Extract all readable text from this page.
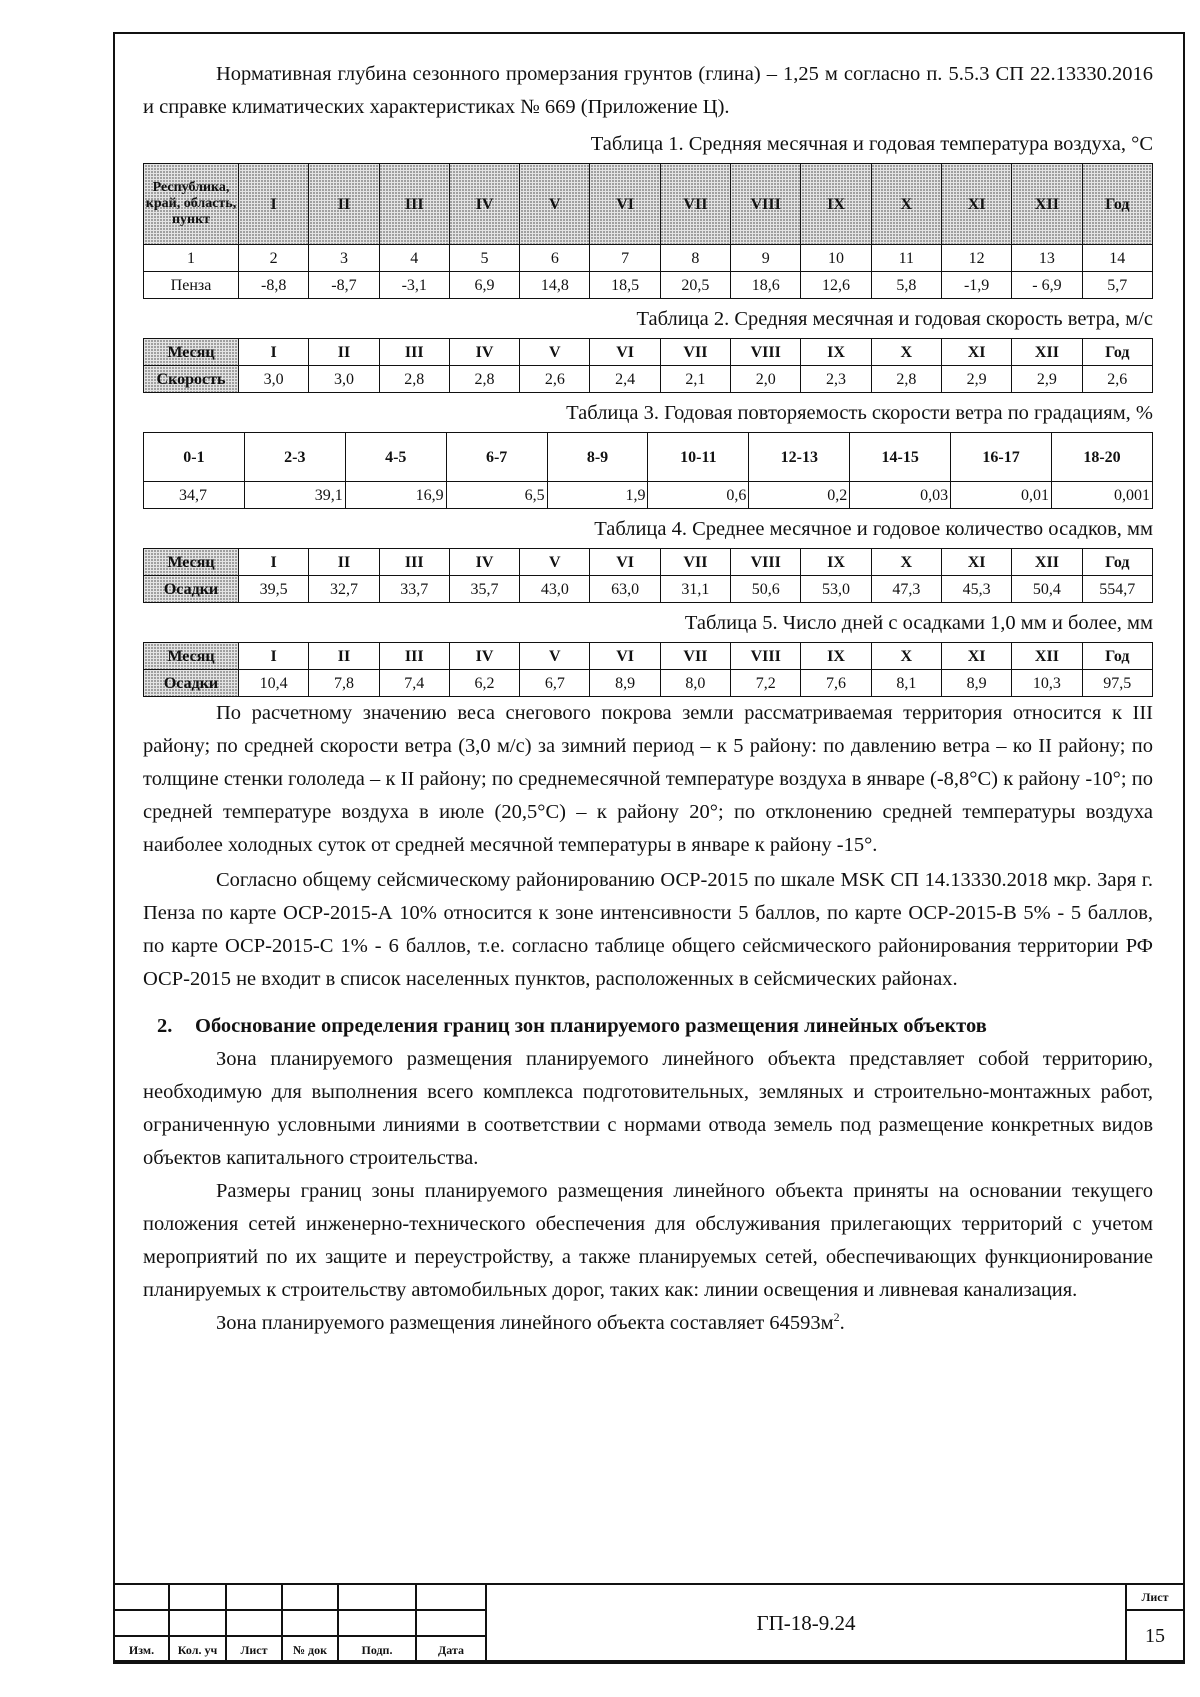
Нормативная глубина сезонного промерзания грунтов (глина) – 1,25 м согласно п. 5.5.3 СП 22.13330.2016 и справке климатических характеристиках № 669 (Приложение Ц).

Таблица 1. Средняя месячная и годовая температура воздуха, °С
Республика, край, область, пункт	I	II	III	IV	V	VI	VII	VIII	IX	X	XI	XII	Год
1	2	3	4	5	6	7	8	9	10	11	12	13	14
Пенза	-8,8	-8,7	-3,1	6,9	14,8	18,5	20,5	18,6	12,6	5,8	-1,9	- 6,9	5,7
Таблица 2. Средняя месячная и годовая скорость ветра, м/с
Месяц	I	II	III	IV	V	VI	VII	VIII	IX	X	XI	XII	Год
Скорость	3,0	3,0	2,8	2,8	2,6	2,4	2,1	2,0	2,3	2,8	2,9	2,9	2,6
Таблица 3. Годовая повторяемость скорости ветра по градациям, %
0-1	2-3	4-5	6-7	8-9	10-11	12-13	14-15	16-17	18-20
34,7	39,1	16,9	6,5	1,9	0,6	0,2	0,03	0,01	0,001
Таблица 4. Среднее месячное и годовое количество осадков, мм
Месяц	I	II	III	IV	V	VI	VII	VIII	IX	X	XI	XII	Год
Осадки	39,5	32,7	33,7	35,7	43,0	63,0	31,1	50,6	53,0	47,3	45,3	50,4	554,7
Таблица 5. Число дней с осадками 1,0 мм и более, мм
Месяц	I	II	III	IV	V	VI	VII	VIII	IX	X	XI	XII	Год
Осадки	10,4	7,8	7,4	6,2	6,7	8,9	8,0	7,2	7,6	8,1	8,9	10,3	97,5

По расчетному значению веса снегового покрова земли рассматриваемая территория относится к III району; по средней скорости ветра (3,0 м/с) за зимний период – к 5 району: по давлению ветра – ко II району; по толщине стенки гололеда – к II району; по среднемесячной температуре воздуха в январе (-8,8°С) к району -10°; по средней температуре воздуха в июле (20,5°С) – к району 20°; по отклонению средней температуры воздуха наиболее холодных суток от средней месячной температуры в январе к району -15°.

Согласно общему сейсмическому районированию ОСР-2015 по шкале MSK СП 14.13330.2018 мкр. Заря г. Пенза по карте ОСР-2015-А 10% относится к зоне интенсивности 5 баллов, по карте ОСР-2015-В 5% - 5 баллов, по карте ОСР-2015-С 1% - 6 баллов, т.е. согласно таблице общего сейсмического районирования территории РФ ОСР-2015 не входит в список населенных пунктов, расположенных в сейсмических районах.

2. Обоснование определения границ зон планируемого размещения линейных объектов

Зона планируемого размещения планируемого линейного объекта представляет собой территорию, необходимую для выполнения всего комплекса подготовительных, земляных и строительно-монтажных работ, ограниченную условными линиями в соответствии с нормами отвода земель под размещение конкретных видов объектов капитального строительства.

Размеры границ зоны планируемого размещения линейного объекта приняты на основании текущего положения сетей инженерно-технического обеспечения для обслуживания прилегающих территорий с учетом мероприятий по их защите и переустройству, а также планируемых сетей, обеспечивающих функционирование планируемых к строительству автомобильных дорог, таких как: линии освещения и ливневая канализация.

Зона планируемого размещения линейного объекта составляет $64593м^2$.

						ГП-18-9.24	Лист
							15
Изм.	Кол. уч	Лист	№ док	Подп.	Дата		
